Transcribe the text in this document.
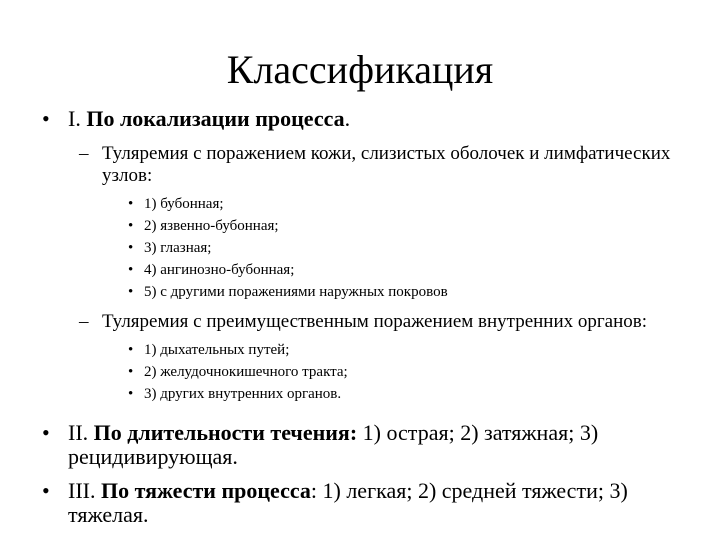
Классификация
• I. По локализации процесса.
– Туляремия с поражением кожи, слизистых оболочек и лимфатических узлов:
• 1) бубонная;
• 2) язвенно-бубонная;
• 3) глазная;
• 4) ангинозно-бубонная;
• 5) с другими поражениями наружных покровов
– Туляремия с преимущественным поражением внутренних органов:
• 1) дыхательных путей;
• 2) желудочнокишечного тракта;
• 3) других внутренних органов.
• II. По длительности течения: 1) острая; 2) затяжная; 3) рецидивирующая.
• III. По тяжести процесса: 1) легкая; 2) средней тяжести; 3) тяжелая.
